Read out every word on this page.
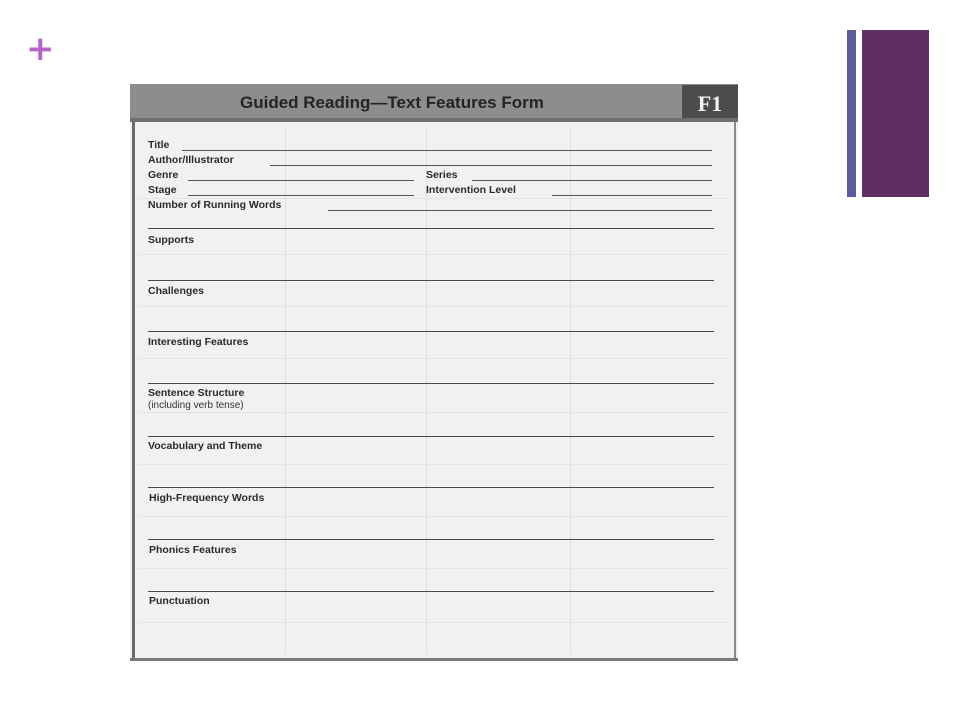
+
Guided Reading—Text Features Form	F1
Title
Author/Illustrator
Genre	Series
Stage	Intervention Level
Number of Running Words
Supports
Challenges
Interesting Features
Sentence Structure
(including verb tense)
Vocabulary and Theme
High-Frequency Words
Phonics Features
Punctuation
